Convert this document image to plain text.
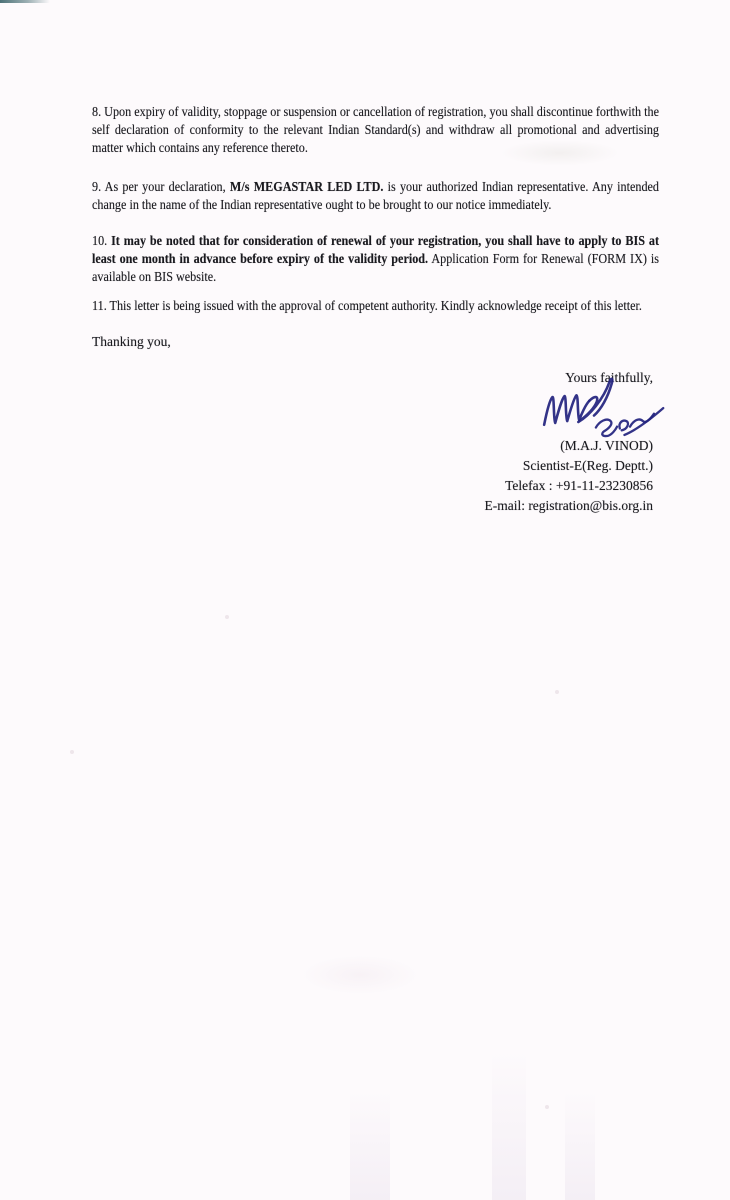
8. Upon expiry of validity, stoppage or suspension or cancellation of registration, you shall discontinue forthwith the self declaration of conformity to the relevant Indian Standard(s) and withdraw all promotional and advertising matter which contains any reference thereto.
9. As per your declaration, M/s MEGASTAR LED LTD. is your authorized Indian representative. Any intended change in the name of the Indian representative ought to be brought to our notice immediately.
10. It may be noted that for consideration of renewal of your registration, you shall have to apply to BIS at least one month in advance before expiry of the validity period. Application Form for Renewal (FORM IX) is available on BIS website.
11. This letter is being issued with the approval of competent authority. Kindly acknowledge receipt of this letter.
Thanking you,
Yours faithfully,
(M.A.J. VINOD)
Scientist-E(Reg. Deptt.)
Telefax : +91-11-23230856
E-mail: registration@bis.org.in
